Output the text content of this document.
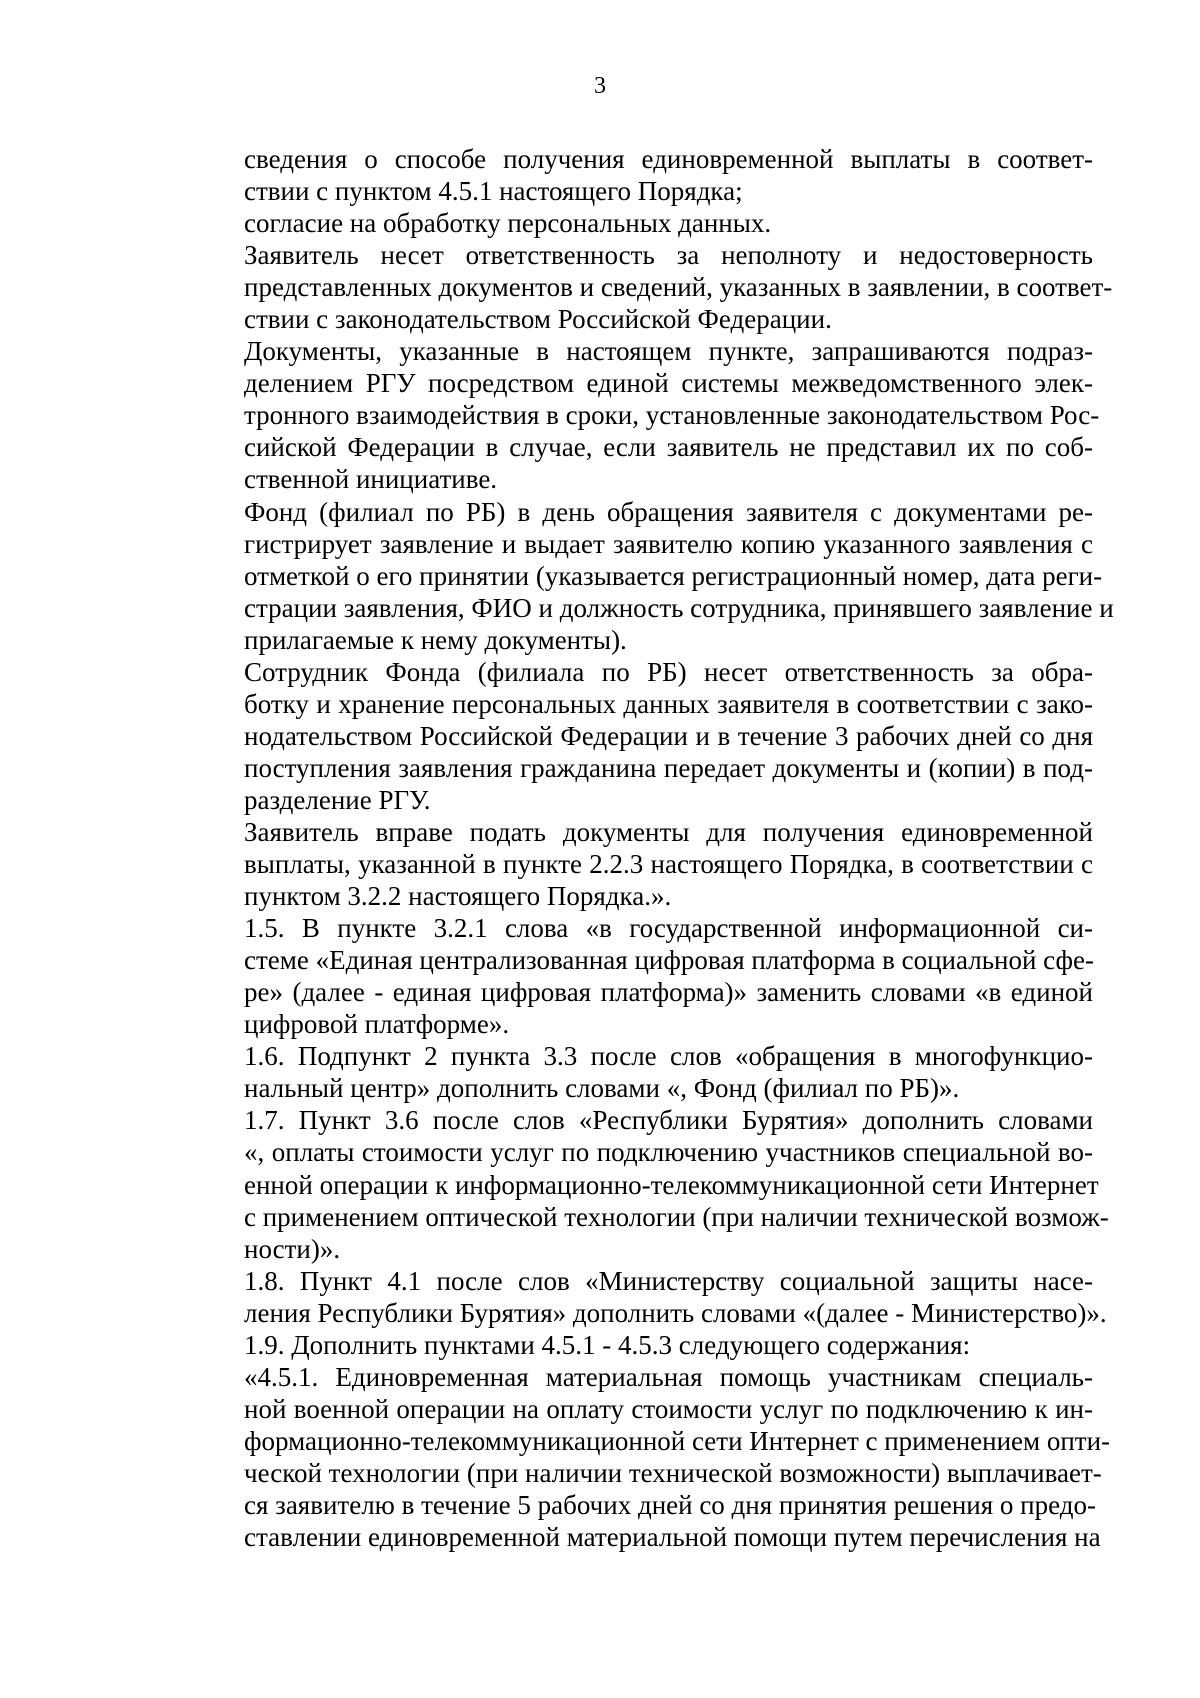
3

сведения о способе получения единовременной выплаты в соответ-
ствии с пунктом 4.5.1 настоящего Порядка;

согласие на обработку персональных данных.

Заявитель несет ответственность за неполноту и недостоверность
представленных документов и сведений, указанных в заявлении, в соответ-
ствии с законодательством Российской Федерации.

Документы, указанные в настоящем пункте, запрашиваются подраз-
делением РГУ посредством единой системы межведомственного элек-
тронного взаимодействия в сроки, установленные законодательством Рос-
сийской Федерации в случае, если заявитель не представил их по соб-
ственной инициативе.

Фонд (филиал по РБ) в день обращения заявителя с документами ре-
гистрирует заявление и выдает заявителю копию указанного заявления с
отметкой о его принятии (указывается регистрационный номер, дата реги-
страции заявления, ФИО и должность сотрудника, принявшего заявление и
прилагаемые к нему документы).

Сотрудник Фонда (филиала по РБ) несет ответственность за обра-
ботку и хранение персональных данных заявителя в соответствии с зако-
нодательством Российской Федерации и в течение 3 рабочих дней со дня
поступления заявления гражданина передает документы и (копии) в под-
разделение РГУ.

Заявитель вправе подать документы для получения единовременной
выплаты, указанной в пункте 2.2.3 настоящего Порядка, в соответствии с
пунктом 3.2.2 настоящего Порядка.».

1.5. В пункте 3.2.1 слова «в государственной информационной си-
стеме «Единая централизованная цифровая платформа в социальной сфе-
ре» (далее - единая цифровая платформа)» заменить словами «в единой
цифровой платформе».

1.6. Подпункт 2 пункта 3.3 после слов «обращения в многофункцио-
нальный центр» дополнить словами «, Фонд (филиал по РБ)».

1.7. Пункт 3.6 после слов «Республики Бурятия» дополнить словами
«, оплаты стоимости услуг по подключению участников специальной во-
енной операции к информационно-телекоммуникационной сети Интернет
с применением оптической технологии (при наличии технической возмож-
ности)».

1.8. Пункт 4.1 после слов «Министерству социальной защиты насе-
ления Республики Бурятия» дополнить словами «(далее - Министерство)».

1.9. Дополнить пунктами 4.5.1 - 4.5.3 следующего содержания:

«4.5.1. Единовременная материальная помощь участникам специаль-
ной военной операции на оплату стоимости услуг по подключению к ин-
формационно-телекоммуникационной сети Интернет с применением опти-
ческой технологии (при наличии технической возможности) выплачивает-
ся заявителю в течение 5 рабочих дней со дня принятия решения о предо-
ставлении единовременной материальной помощи путем перечисления на
